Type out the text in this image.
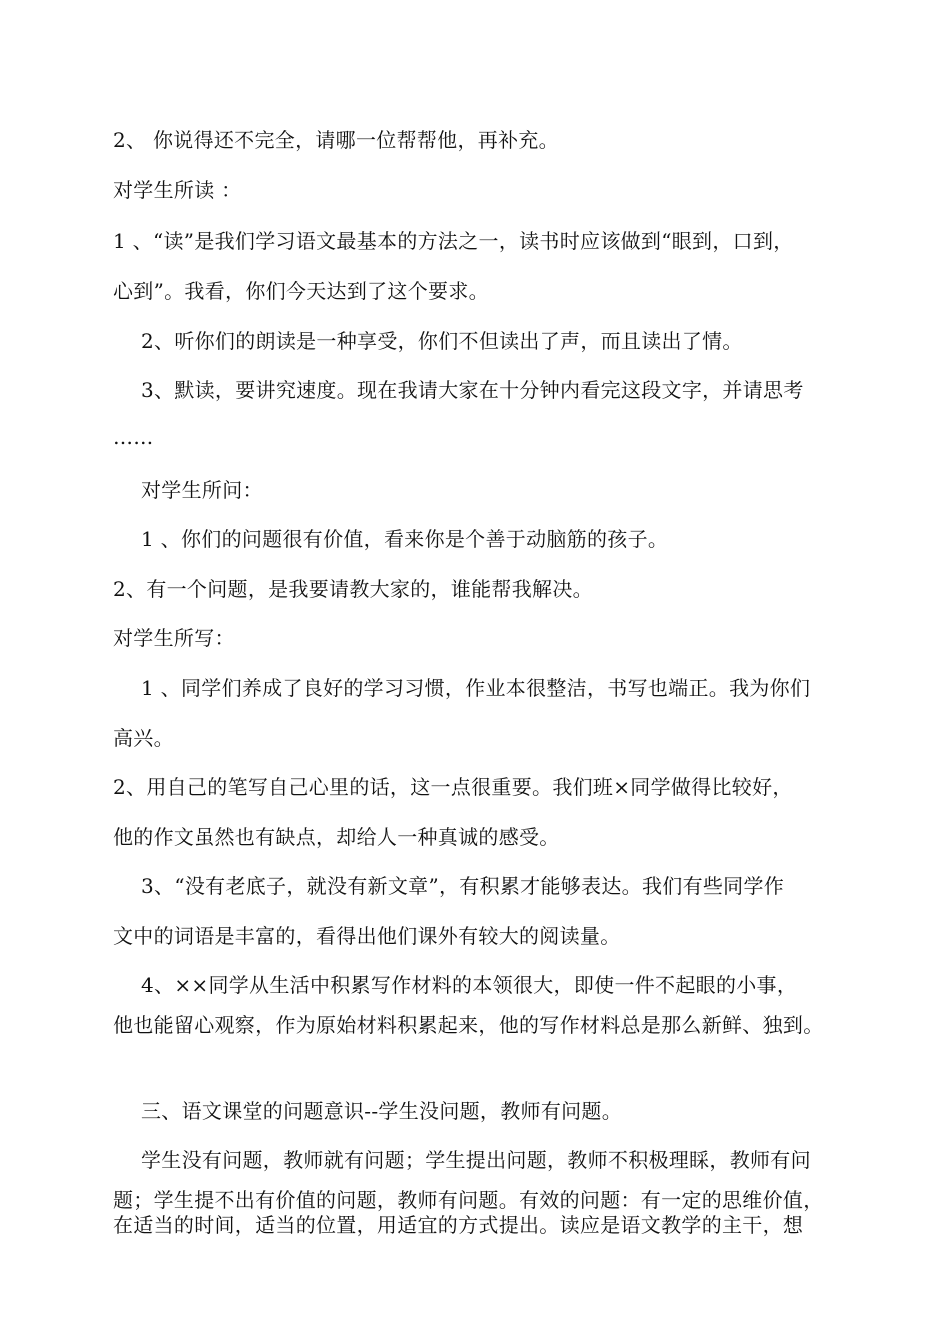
2、 你说得还不完全，请哪一位帮帮他，再补充。
对学生所读 ：
1 、“读”是我们学习语文最基本的方法之一，读书时应该做到“眼到，口到，
心到”。我看，你们今天达到了这个要求。
2、听你们的朗读是一种享受，你们不但读出了声，而且读出了情。
3、默读，要讲究速度。现在我请大家在十分钟内看完这段文字，并请思考
……
对学生所问：
1 、你们的问题很有价值，看来你是个善于动脑筋的孩子。
2、有一个问题，是我要请教大家的，谁能帮我解决。
对学生所写：
1 、同学们养成了良好的学习习惯，作业本很整洁，书写也端正。我为你们
高兴。
2、用自己的笔写自己心里的话，这一点很重要。我们班×同学做得比较好，
他的作文虽然也有缺点，却给人一种真诚的感受。
3、“没有老底子，就没有新文章”，有积累才能够表达。我们有些同学作
文中的词语是丰富的，看得出他们课外有较大的阅读量。
4、××同学从生活中积累写作材料的本领很大，即使一件不起眼的小事，
他也能留心观察，作为原始材料积累起来，他的写作材料总是那么新鲜、独到。
三、语文课堂的问题意识--学生没问题，教师有问题。
学生没有问题，教师就有问题；学生提出问题，教师不积极理睬，教师有问
题；学生提不出有价值的问题，教师有问题。有效的问题：有一定的思维价值，
在适当的时间，适当的位置，用适宜的方式提出。读应是语文教学的主干，想
